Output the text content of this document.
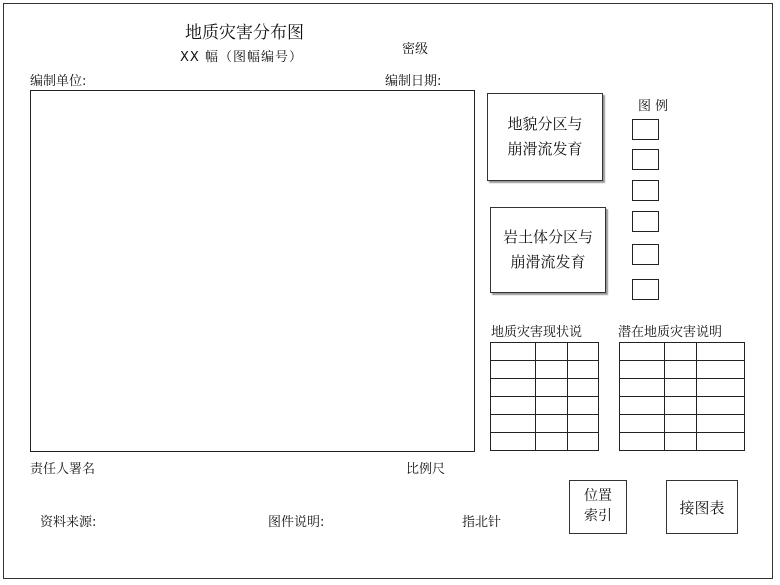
地质灾害分布图
XX 幅（图幅编号）
密级
编制单位:	编制日期:
地貌分区与
崩滑流发育
岩土体分区与
崩滑流发育
图 例
地质灾害现状说	潜在地质灾害说明

责任人署名	比例尺
资料来源:	图件说明:	指北针
位置
索引	接图表
